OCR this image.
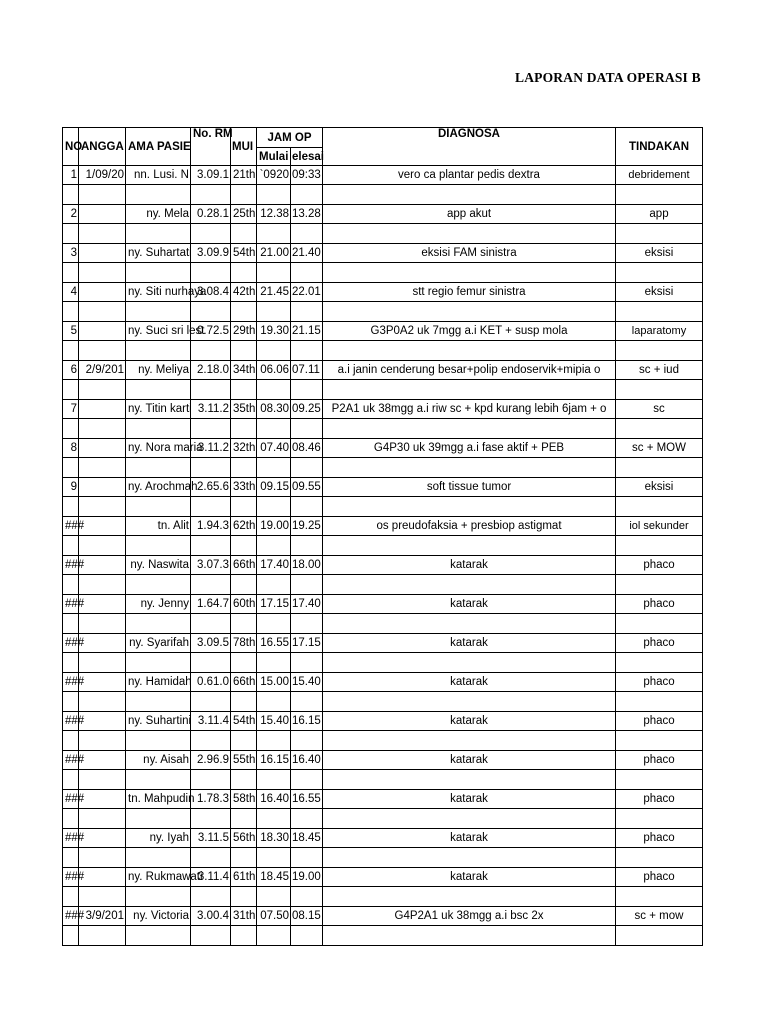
LAPORAN DATA OPERASI B
NO	ANGGA	AMA PASIE	No. RM	MUI	JAM OP		DIAGNOSA	TINDAKAN
					Mulai	elesai		
1	1/09/20	nn. Lusi. N	3.09.1	21th	`0920	09:33	vero ca plantar pedis dextra	debridement

2		ny. Mela	0.28.1	25th	12.38	13.28	app akut	app

3		ny. Suhartati	3.09.9	54th	21.00	21.40	eksisi FAM sinistra	eksisi

4		ny. Siti nurhaya	3.08.4	42th	21.45	22.01	stt regio femur sinistra	eksisi

5		ny. Suci sri lest	0.72.5	29th	19.30	21.15	G3P0A2 uk 7mgg a.i KET + susp mola	laparatomy

6	2/9/201	ny. Meliya	2.18.0	34th	06.06	07.11	a.i janin cenderung besar+polip endoservik+mipia o	sc + iud

7		ny. Titin karti	3.11.2	35th	08.30	09.25	P2A1 uk 38mgg a.i riw sc + kpd kurang lebih 6jam + o	sc

8		ny. Nora maria	3.11.2	32th	07.40	08.46	G4P30 uk 39mgg a.i fase aktif + PEB	sc + MOW

9		ny. Arochmah	2.65.6	33th	09.15	09.55	soft tissue tumor	eksisi

###		tn. Alit	1.94.3	62th	19.00	19.25	os preudofaksia + presbiop astigmat	iol sekunder

###		ny. Naswita	3.07.3	66th	17.40	18.00	katarak	phaco

###		ny. Jenny	1.64.7	60th	17.15	17.40	katarak	phaco

###		ny. Syarifah	3.09.5	78th	16.55	17.15	katarak	phaco

###		ny. Hamidah	0.61.0	66th	15.00	15.40	katarak	phaco

###		ny. Suhartini	3.11.4	54th	15.40	16.15	katarak	phaco

###		ny. Aisah	2.96.9	55th	16.15	16.40	katarak	phaco

###		tn. Mahpudin	1.78.3	58th	16.40	16.55	katarak	phaco

###		ny. Iyah	3.11.5	56th	18.30	18.45	katarak	phaco

###		ny. Rukmawati	3.11.4	61th	18.45	19.00	katarak	phaco

###	3/9/201	ny. Victoria	3.00.4	31th	07.50	08.15	G4P2A1 uk 38mgg a.i bsc 2x	sc + mow
